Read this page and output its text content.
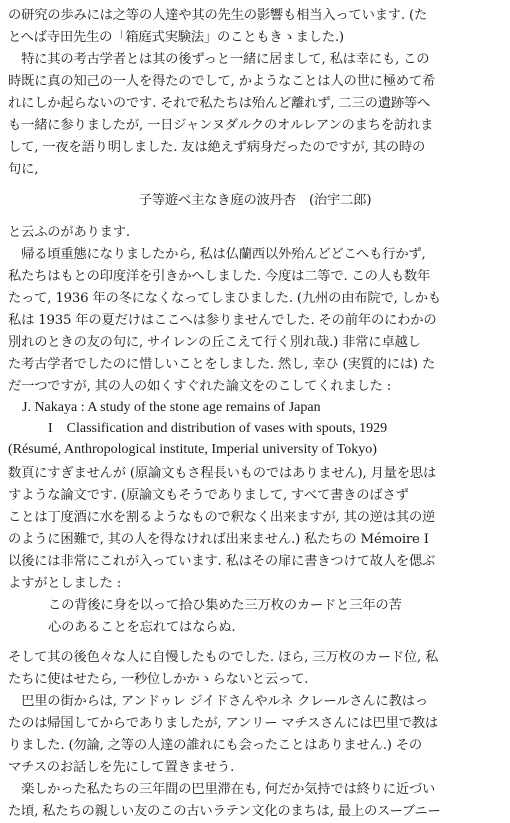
の研究の歩みには之等の人達や其の先生の影響も相当入っています. (た
とへば寺田先生の「箱庭式実験法」のこともきゝました.)
　特に其の考古学者とは其の後ずっと一緒に居まして, 私は幸にも, この
時既に真の知己の一人を得たのでして, かようなことは人の世に極めて希
れにしか起らないのです. それで私たちは殆んど離れず, 二三の遺跡等へ
も一緒に参りましたが, 一日ジャンヌダルクのオルレアンのまちを訪れま
して, 一夜を語り明しました. 友は絶えず病身だったのですが, 其の時の
句に,
子等遊べ主なき庭の波丹杏　(治宇二郎)
と云ふのがあります.
　帰る頃重態になりましたから, 私は仏蘭西以外殆んどどこへも行かず,
私たちはもとの印度洋を引きかへしました. 今度は二等で. この人も数年
たって, 1936 年の冬になくなってしまひました. (九州の由布院で, しかも
私は 1935 年の夏だけはここへは参りませんでした. その前年のにわかの
別れのときの友の句に, サイレンの丘こえて行く別れ哉.) 非常に卓越し
た考古学者でしたのに惜しいことをしました. 然し, 幸ひ (実質的には) た
だ一つですが, 其の人の如くすぐれた論文をのこしてくれました :
J. Nakaya : A study of the stone age remains of Japan
I　Classification and distribution of vases with spouts, 1929
(Résumé, Anthropological institute, Imperial university of Tokyo)
数頁にすぎませんが (原論文もさ程長いものではありません), 月量を思は
すような論文です. (原論文もそうでありまして, すべて書きのばさず
ことは丁度酒に水を割るようなもので釈なく出来ますが, 其の逆は其の逆
のように困難で, 其の人を得なければ出来ません.) 私たちの Mémoire I
以後には非常にこれが入っています. 私はその扉に書きつけて故人を偲ぶ
よすがとしました :
この背後に身を以って拾ひ集めた三万枚のカードと三年の苦
心のあることを忘れてはならぬ.
そして其の後色々な人に自慢したものでした. ほら, 三万枚のカード位, 私
たちに使はせたら, 一秒位しかかゝらないと云って.
　巴里の街からは, アンドゥレ ジイドさんやルネ クレールさんに教はっ
たのは帰国してからでありましたが, アンリー マチスさんには巴里で教は
りました. (勿論, 之等の人達の誰れにも会ったことはありません.) その
マチスのお話しを先にして置きませう.
　楽しかった私たちの三年間の巴里滞在も, 何だか気持では終りに近づい
た頃, 私たちの親しい友のこの古いラテン文化のまちは, 最上のスーブニー
